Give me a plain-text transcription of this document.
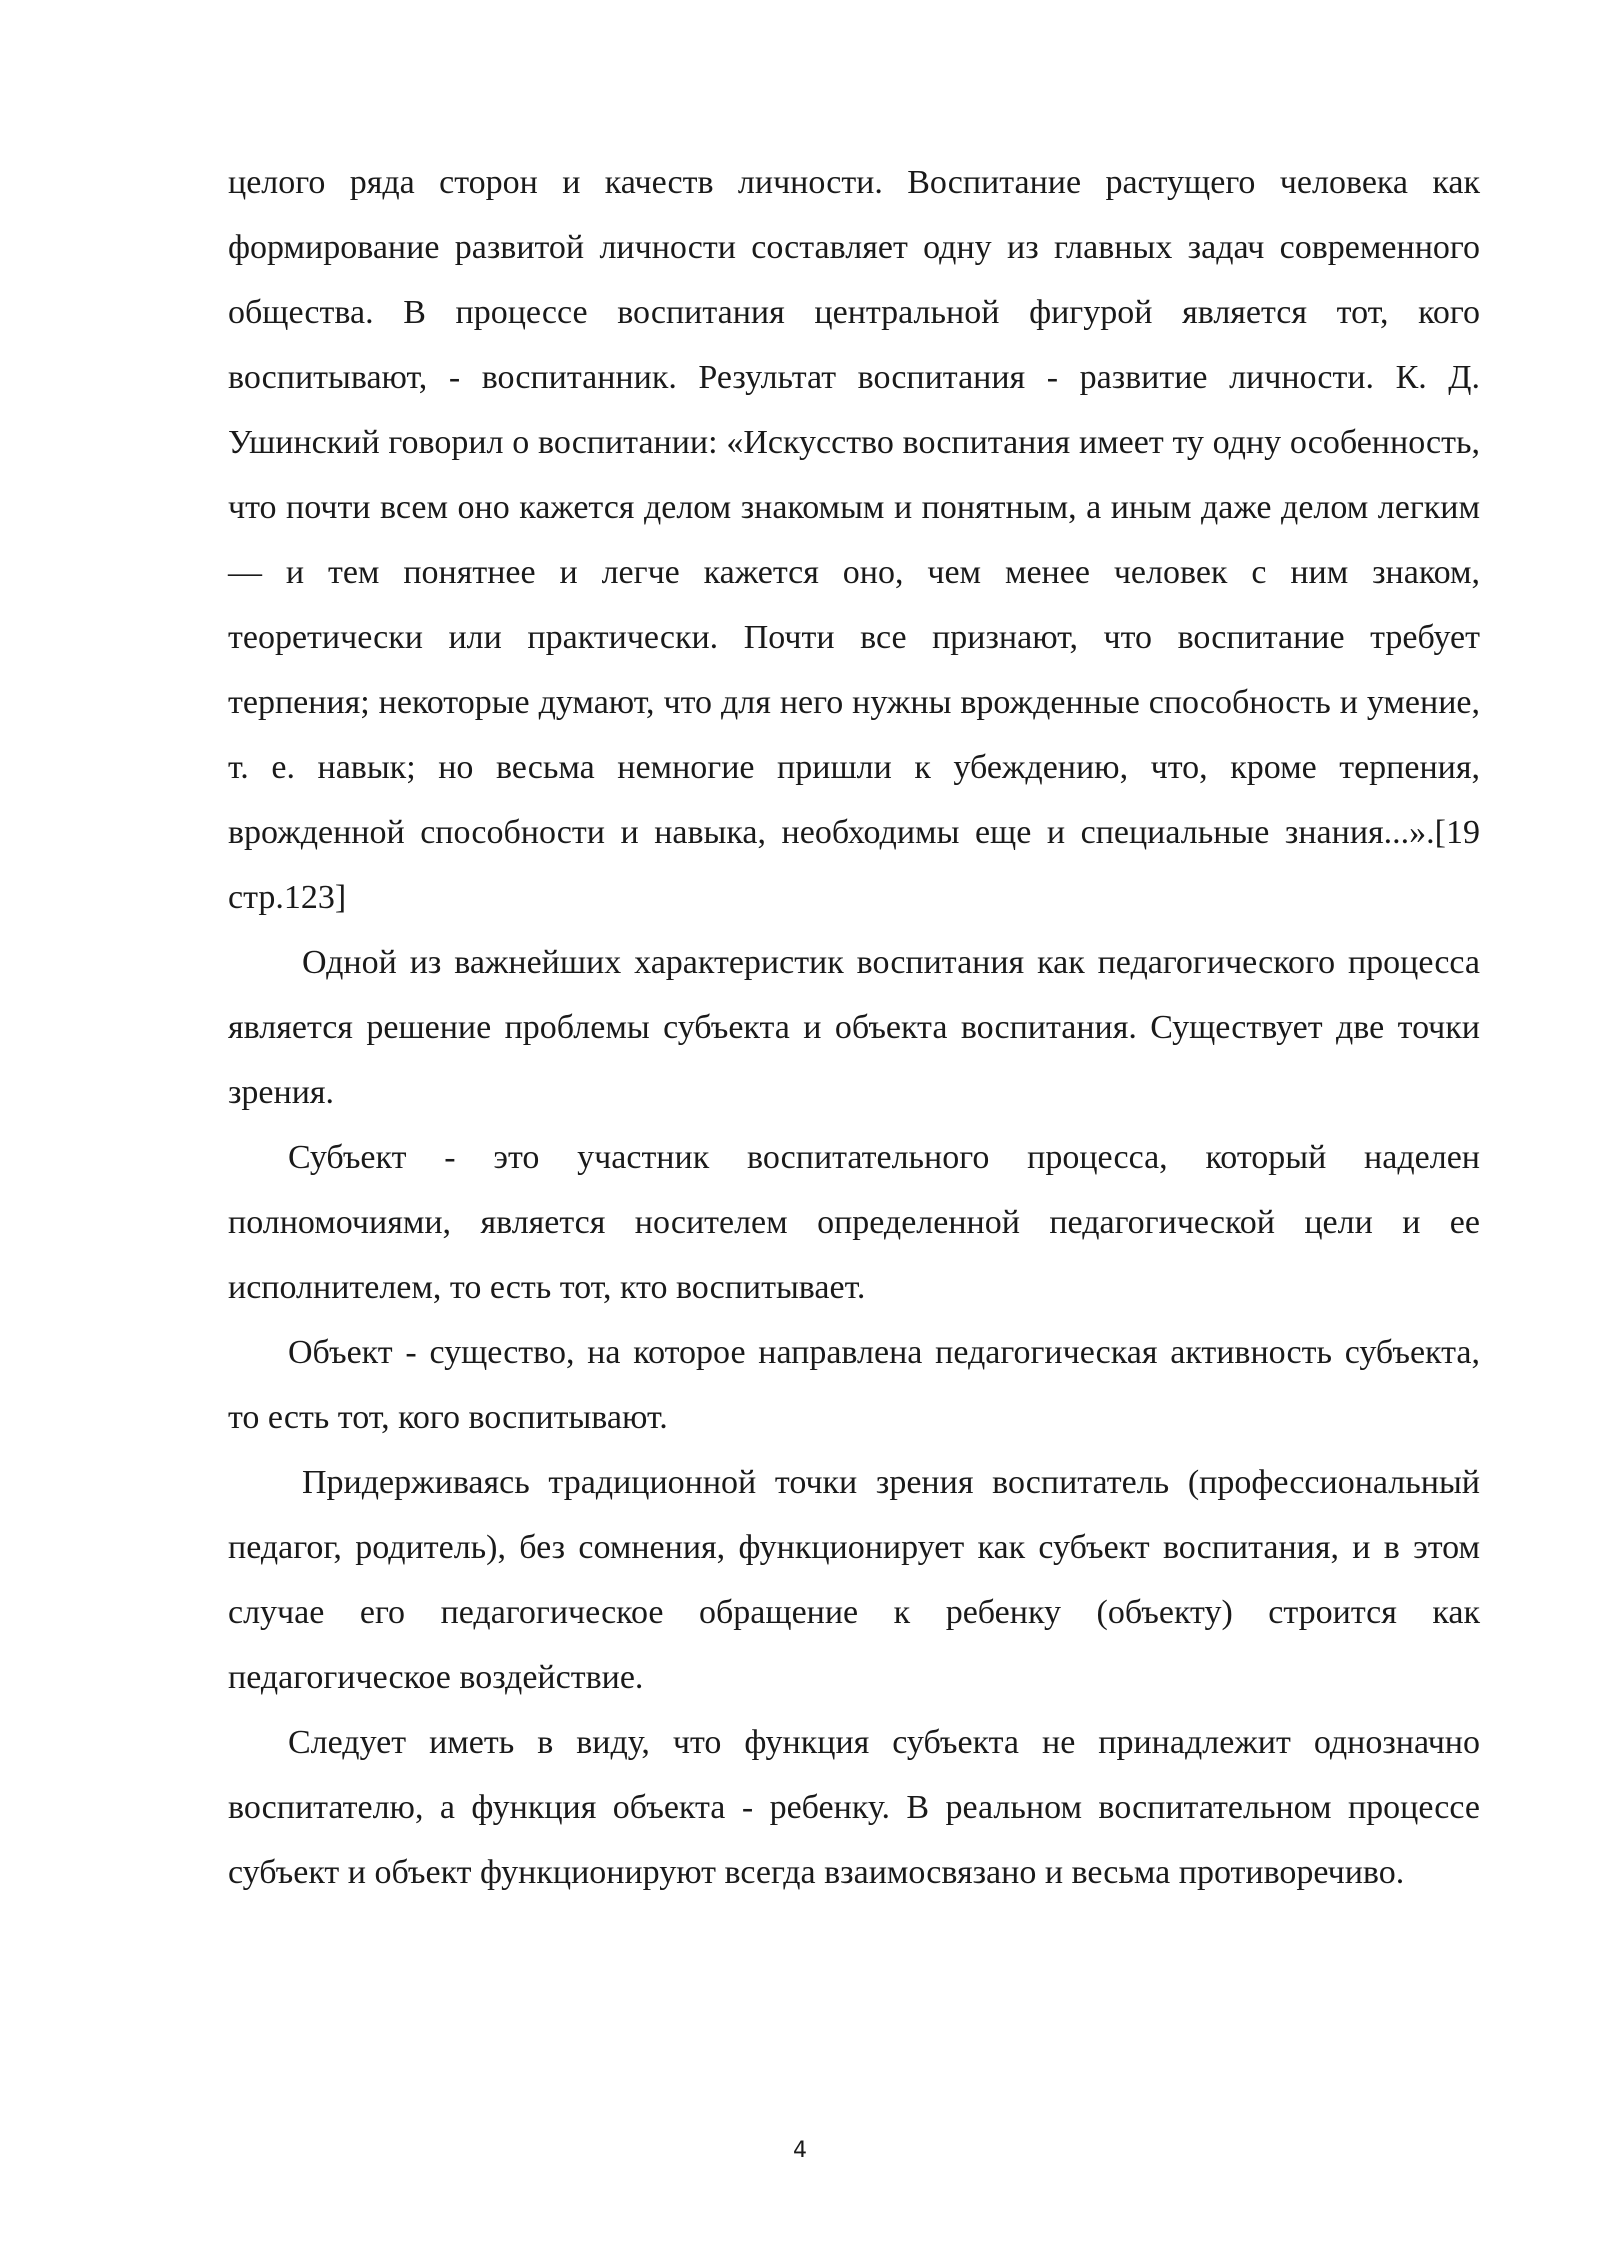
целого ряда сторон и качеств личности. Воспитание растущего человека как формирование развитой личности составляет одну из главных задач современного общества. В процессе воспитания центральной фигурой является тот, кого воспитывают, - воспитанник. Результат воспитания - развитие личности. К. Д. Ушинский говорил о воспитании: «Искусство воспитания имеет ту одну особенность, что почти всем оно кажется делом знакомым и понятным, а иным даже делом легким — и тем понятнее и легче кажется оно, чем менее человек с ним знаком, теоретически или практически. Почти все признают, что воспитание требует терпения; некоторые думают, что для него нужны врожденные способность и умение, т. е. навык; но весьма немногие пришли к убеждению, что, кроме терпения, врожденной способности и навыка, необходимы еще и специальные знания...».[19 стр.123]

Одной из важнейших характеристик воспитания как педагогического процесса является решение проблемы субъекта и объекта воспитания. Существует две точки зрения.

Субъект - это участник воспитательного процесса, который наделен полномочиями, является носителем определенной педагогической цели и ее исполнителем, то есть тот, кто воспитывает.

Объект - существо, на которое направлена педагогическая активность субъекта, то есть тот, кого воспитывают.

Придерживаясь традиционной точки зрения воспитатель (профессиональный педагог, родитель), без сомнения, функционирует как субъект воспитания, и в этом случае его педагогическое обращение к ребенку (объекту) строится как педагогическое воздействие.

Следует иметь в виду, что функция субъекта не принадлежит однозначно воспитателю, а функция объекта - ребенку. В реальном воспитательном процессе субъект и объект функционируют всегда взаимосвязано и весьма противоречиво.

4
